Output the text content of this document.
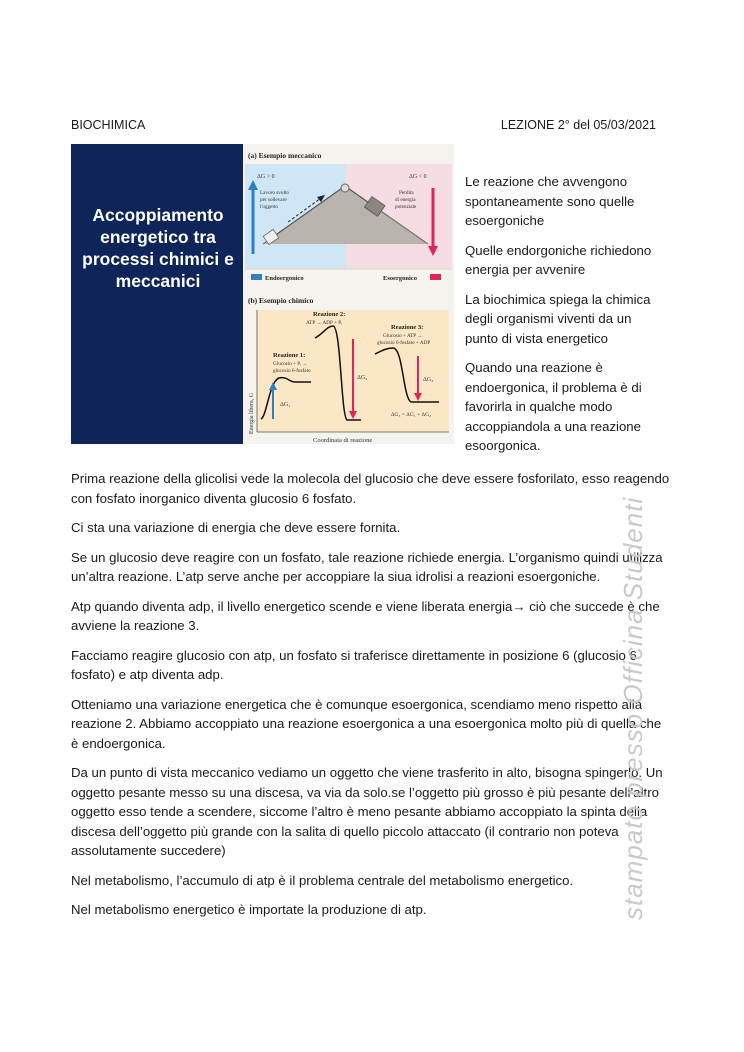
BIOCHIMICA	LEZIONE 2° del 05/03/2021
Accoppiamento energetico tra processi chimici e meccanici
(a) Esempio meccanico
ΔG > 0	ΔG < 0
Lavoro svolto
per sollevare
l'oggetto
Perdita
di energia
potenziale
Endoergonico	Esoergonico
(b) Esempio chimico
Energia libera, G
Coordinata di reazione
ΔG₁
Reazione 1:
Glucosio + Pᵢ →
glucosio 6-fosfato
ΔG₂
Reazione 2:
ATP → ADP + Pᵢ
ΔG₃
Reazione 3:
Glucosio + ATP →
glucosio 6-fosfato + ADP
ΔG₃ = ΔG₁ + ΔG₂

Le reazione che avvengono spontaneamente sono quelle esoergoniche

Quelle endorgoniche richiedono energia per avvenire

La biochimica spiega la chimica degli organismi viventi da un punto di vista energetico

Quando una reazione è endoergonica, il problema è di favorirla in qualche modo accoppiandola a una reazione esoorgonica.

Prima reazione della glicolisi vede la molecola del glucosio che deve essere fosforilato, esso reagendo con fosfato inorganico diventa glucosio 6 fosfato.

Ci sta una variazione di energia che deve essere fornita.

Se un glucosio deve reagire con un fosfato, tale reazione richiede energia. L’organismo quindi utilizza un’altra reazione. L’atp serve anche per accoppiare la siua idrolisi a reazioni esoergoniche.

Atp quando diventa adp, il livello energetico scende e viene liberata energia→ ciò che succede è che avviene la reazione 3.

Facciamo reagire glucosio con atp, un fosfato si traferisce direttamente in posizione 6 (glucosio 6 fosfato) e atp diventa adp.

Otteniamo una variazione energetica che è comunque esoergonica, scendiamo meno rispetto alla reazione 2. Abbiamo accoppiato una reazione esoergonica a una esoergonica molto più di quella che è endoergonica.

Da un punto di vista meccanico vediamo un oggetto che viene trasferito in alto, bisogna spingerlo. Un oggetto pesante messo su una discesa, va via da solo.se l’oggetto più grosso è più pesante dell’altro oggetto esso tende a scendere, siccome l’altro è meno pesante abbiamo accoppiato la spinta della discesa dell’oggetto più grande con la salita di quello piccolo attaccato (il contrario non poteva assolutamente succedere)

Nel metabolismo, l’accumulo di atp è il problema centrale del metabolismo energetico.

Nel metabolismo energetico è importate la produzione di atp.	stampato presso Officina Studenti
